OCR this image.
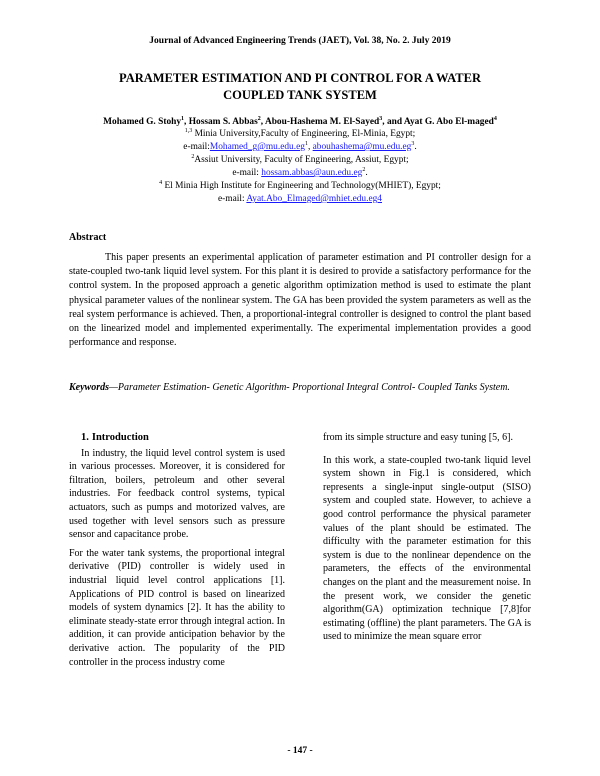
Journal of Advanced Engineering Trends (JAET), Vol. 38, No. 2. July 2019
PARAMETER ESTIMATION AND PI CONTROL FOR A WATER
COUPLED TANK SYSTEM
Mohamed G. Stohy$^1$, Hossam S. Abbas$^2$, Abou-Hashema M. El-Sayed$^3$, and Ayat G. Abo El-maged$^4$
$^{1,3}$ Minia University,Faculty of Engineering, El-Minia, Egypt;
$e-mail:Mohamed\_g@mu.edu.eg^1$, $abouhashema@mu.edu.eg^3$.
$^2$Assiut University, Faculty of Engineering, Assiut, Egypt;
e-mail: $hossam.abbas@aun.edu.eg^2$.
$^4$ El Minia High Institute for Engineering and Technology(MHIET), Egypt;
e-mail: Ayat.Abo_Elmaged@mhiet.edu.eg4
Abstract

This paper presents an experimental application of parameter estimation and PI controller design for a state-coupled two-tank liquid level system. For this plant it is desired to provide a satisfactory performance for the control system. In the proposed approach a genetic algorithm optimization method is used to estimate the plant physical parameter values of the nonlinear system. The GA has been provided the system parameters as well as the real system performance is achieved. Then, a proportional-integral controller is designed to control the plant based on the linearized model and implemented experimentally. The experimental implementation provides a good performance and response.

Keywords—Parameter Estimation- Genetic Algorithm- Proportional Integral Control- Coupled Tanks System.

1. Introduction

In industry, the liquid level control system is used in various processes. Moreover, it is considered for filtration, boilers, petroleum and other several industries. For feedback control systems, typical actuators, such as pumps and motorized valves, are used together with level sensors such as pressure sensor and capacitance probe.

For the water tank systems, the proportional integral derivative (PID) controller is widely used in industrial liquid level control applications [1]. Applications of PID control is based on linearized models of system dynamics [2]. It has the ability to eliminate steady-state error through integral action. In addition, it can provide anticipation behavior by the derivative action. The popularity of the PID controller in the process industry come

from its simple structure and easy tuning [5, 6].

In this work, a state-coupled two-tank liquid level system shown in Fig.1 is considered, which represents a single-input single-output (SISO) system and coupled state. However, to achieve a good control performance the physical parameter values of the plant should be estimated. The difficulty with the parameter estimation for this system is due to the nonlinear dependence on the parameters, the effects of the environmental changes on the plant and the measurement noise. In the present work, we consider the genetic algorithm(GA) optimization technique [7,8]for estimating (offline) the plant parameters. The GA is used to minimize the mean square error

- 147 -
